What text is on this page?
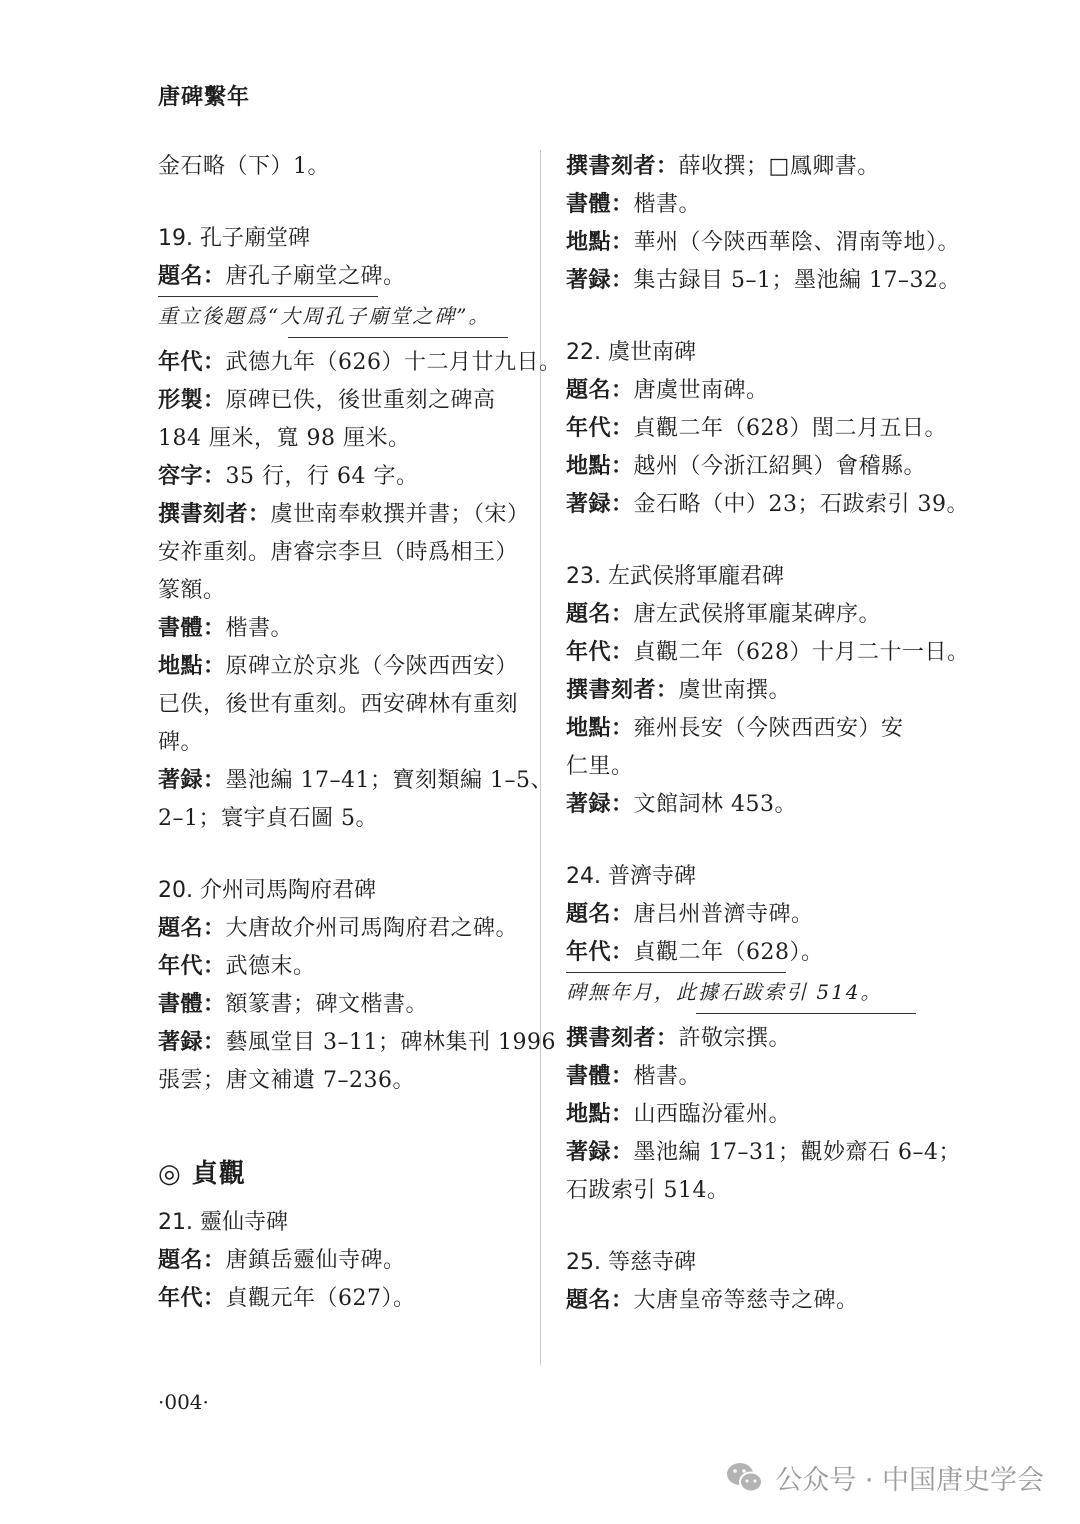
唐碑繫年
金石略（下）1。
19. 孔子廟堂碑
題名：唐孔子廟堂之碑。
重立後題爲“大周孔子廟堂之碑”。
年代：武德九年（626）十二月廿九日。
形製：原碑已佚，後世重刻之碑高
184 厘米，寬 98 厘米。
容字：35 行，行 64 字。
撰書刻者：虞世南奉敕撰并書；（宋）
安祚重刻。唐睿宗李旦（時爲相王）
篆額。
書體：楷書。
地點：原碑立於京兆（今陝西西安）
已佚，後世有重刻。西安碑林有重刻
碑。
著録：墨池編 17–41；寶刻類編 1–5、
2–1；寰宇貞石圖 5。
20. 介州司馬陶府君碑
題名：大唐故介州司馬陶府君之碑。
年代：武德末。
書體：額篆書；碑文楷書。
著録：藝風堂目 3–11；碑林集刊 1996
張雲；唐文補遺 7–236。
◎ 貞觀
21. 靈仙寺碑
題名：唐鎮岳靈仙寺碑。
年代：貞觀元年（627）。
撰書刻者：薛收撰；□鳳卿書。
書體：楷書。
地點：華州（今陝西華陰、渭南等地）。
著録：集古録目 5–1；墨池編 17–32。
22. 虞世南碑
題名：唐虞世南碑。
年代：貞觀二年（628）閏二月五日。
地點：越州（今浙江紹興）會稽縣。
著録：金石略（中）23；石跋索引 39。
23. 左武侯將軍龐君碑
題名：唐左武侯將軍龐某碑序。
年代：貞觀二年（628）十月二十一日。
撰書刻者：虞世南撰。
地點：雍州長安（今陝西西安）安
仁里。
著録：文館詞林 453。
24. 普濟寺碑
題名：唐吕州普濟寺碑。
年代：貞觀二年（628）。
碑無年月，此據石跋索引 514。
撰書刻者：許敬宗撰。
書體：楷書。
地點：山西臨汾霍州。
著録：墨池編 17–31；觀妙齋石 6–4；
石跋索引 514。
25. 等慈寺碑
題名：大唐皇帝等慈寺之碑。
·004·
公众号 · 中国唐史学会
